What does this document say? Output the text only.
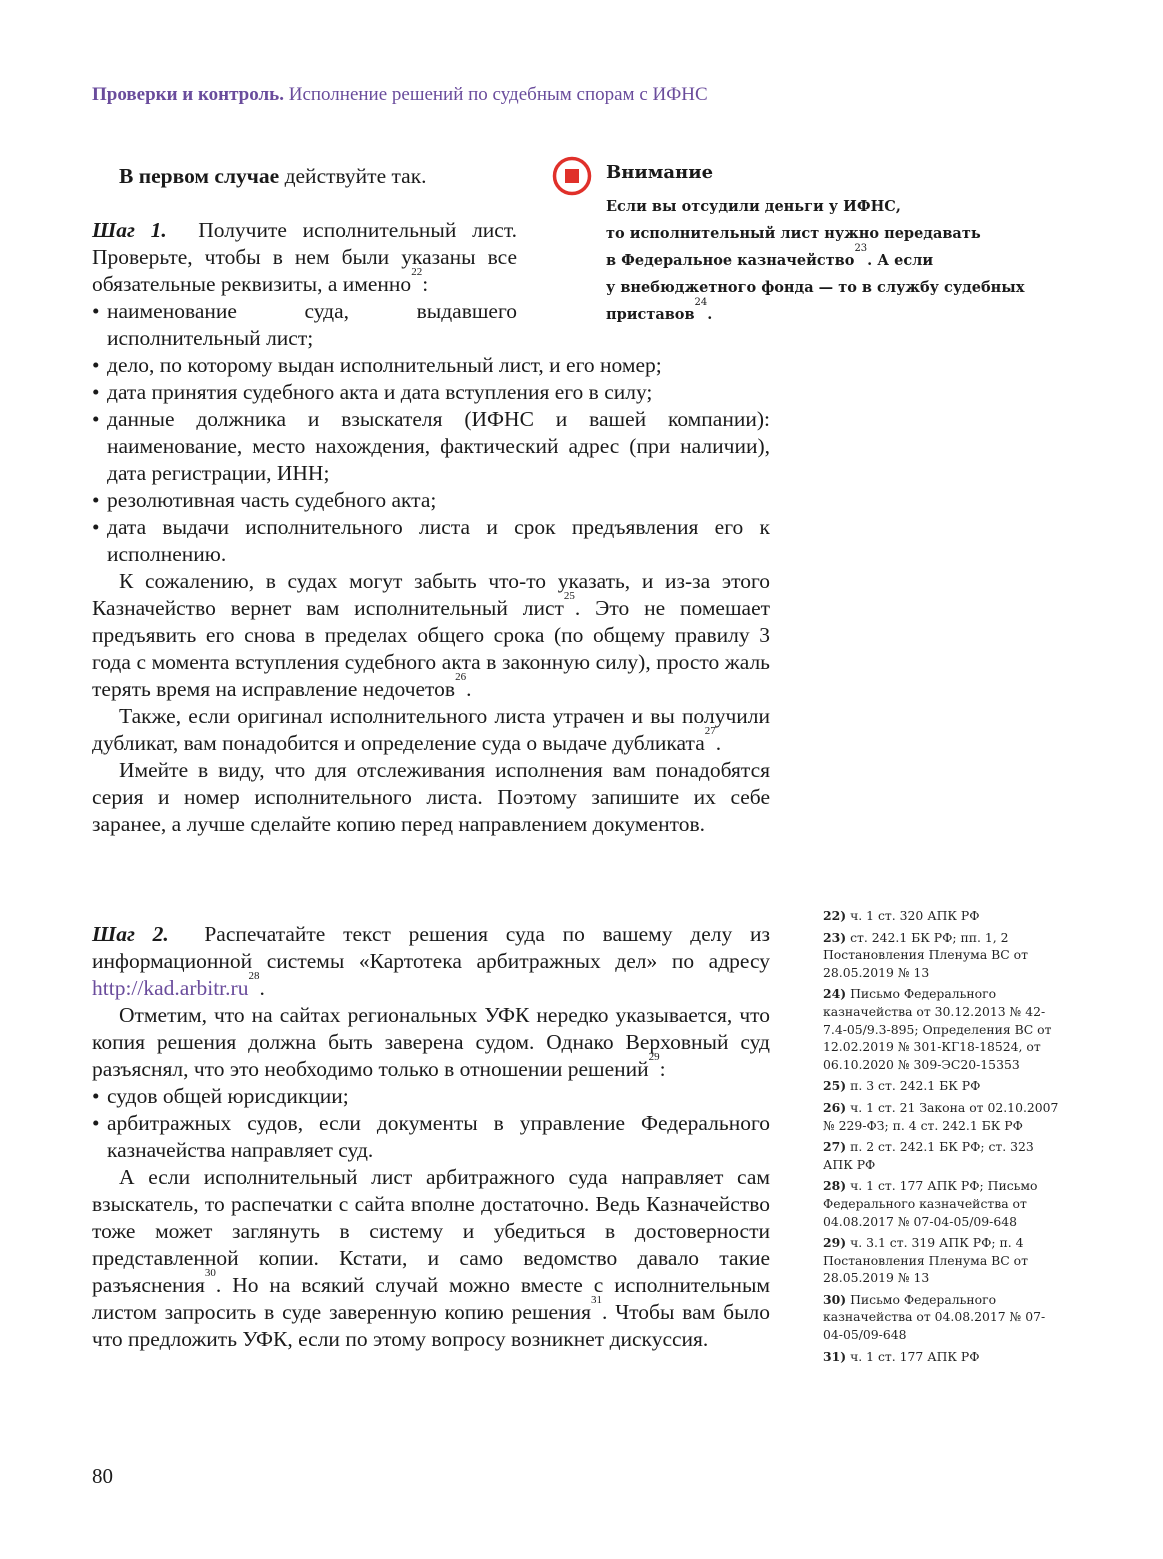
Проверки и контроль. Исполнение решений по судебным спорам с ИФНС

В первом случае действуйте так.

Шаг 1. Получите исполнительный лист. Проверьте, чтобы в нем были указаны все обязательные реквизиты, а именно$^{22}$:

• наименование суда, выдавшего исполнительный лист;

• дело, по которому выдан исполнительный лист, и его номер;

• дата принятия судебного акта и дата вступления его в силу;

• данные должника и взыскателя (ИФНС и вашей компании): наименование, место нахождения, фактический адрес (при наличии), дата регистрации, ИНН;

• резолютивная часть судебного акта;

• дата выдачи исполнительного листа и срок предъявления его к исполнению.

К сожалению, в судах могут забыть что-то указать, и из-за этого Казначейство вернет вам исполнительный лист$^{25}$. Это не помешает предъявить его снова в пределах общего срока (по общему правилу 3 года с момента вступления судебного акта в законную силу), просто жаль терять время на исправление недочетов$^{26}$.

Также, если оригинал исполнительного листа утрачен и вы получили дубликат, вам понадобится и определение суда о выдаче дубликата$^{27}$.

Имейте в виду, что для отслеживания исполнения вам понадобятся серия и номер исполнительного листа. Поэтому запишите их себе заранее, а лучше сделайте копию перед направлением документов.

Внимание
Если вы отсудили деньги у ИФНС,
то исполнительный лист нужно передавать
в Федеральное казначейство$^{23}$. А если
у внебюджетного фонда — то в службу судебных
приставов$^{24}$.

Шаг 2. Распечатайте текст решения суда по вашему делу из информационной системы «Картотека арбитражных дел» по адресу $http://kad.arbitr.ru^{28}$.

Отметим, что на сайтах региональных УФК нередко указывается, что копия решения должна быть заверена судом. Однако Верховный суд разъяснял, что это необходимо только в отношении решений$^{29}$:

• судов общей юрисдикции;

• арбитражных судов, если документы в управление Федерального казначейства направляет суд.

А если исполнительный лист арбитражного суда направляет сам взыскатель, то распечатки с сайта вполне достаточно. Ведь Казначейство тоже может заглянуть в систему и убедиться в достоверности представленной копии. Кстати, и само ведомство давало такие разъяснения$^{30}$. Но на всякий случай можно вместе с исполнительным листом запросить в суде заверенную копию решения$^{31}$. Чтобы вам было что предложить УФК, если по этому вопросу возникнет дискуссия.

22) ч. 1 ст. 320 АПК РФ

23) ст. 242.1 БК РФ; пп. 1, 2 Постановления Пленума ВС от 28.05.2019 № 13

24) Письмо Федерального казначейства от 30.12.2013 № 42-7.4-05/9.3-895; Определения ВС от 12.02.2019 № 301-КГ18-18524, от 06.10.2020 № 309-ЭС20-15353

25) п. 3 ст. 242.1 БК РФ

26) ч. 1 ст. 21 Закона от 02.10.2007 № 229-ФЗ; п. 4 ст. 242.1 БК РФ

27) п. 2 ст. 242.1 БК РФ; ст. 323 АПК РФ

28) ч. 1 ст. 177 АПК РФ; Письмо Федерального казначейства от 04.08.2017 № 07-04-05/09-648

29) ч. 3.1 ст. 319 АПК РФ; п. 4 Постановления Пленума ВС от 28.05.2019 № 13

30) Письмо Федерального казначейства от 04.08.2017 № 07-04-05/09-648

31) ч. 1 ст. 177 АПК РФ

80
